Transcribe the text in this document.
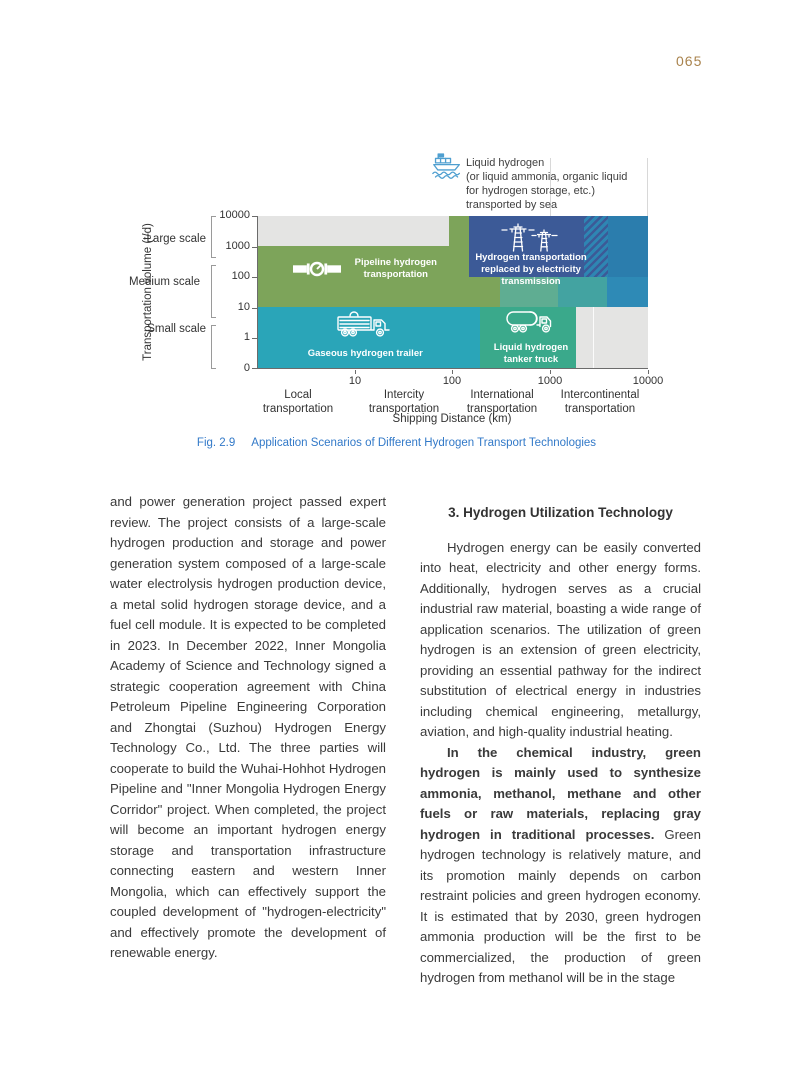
065
Liquid hydrogen
(or liquid ammonia, organic liquid
for hydrogen storage, etc.)
transported by sea
Transportation volume (t/d)
Large scale
Medium scale
Small scale
10000
1000
100
10
1
0
Pipeline hydrogen
transportation
Hydrogen transportation
replaced by electricity
transmission
Gaseous hydrogen trailer
Liquid hydrogen
tanker truck
10	100	1000	10000
Local transportation
Intercity transportation
International transportation
Intercontinental transportation
Shipping Distance (km)
Fig. 2.9 Application Scenarios of Different Hydrogen Transport Technologies

and power generation project passed expert review. The project consists of a large-scale hydrogen production and storage and power generation system composed of a large-scale water electrolysis hydrogen production device, a metal solid hydrogen storage device, and a fuel cell module. It is expected to be completed in 2023. In December 2022, Inner Mongolia Academy of Science and Technology signed a strategic cooperation agreement with China Petroleum Pipeline Engineering Corporation and Zhongtai (Suzhou) Hydrogen Energy Technology Co., Ltd. The three parties will cooperate to build the Wuhai-Hohhot Hydrogen Pipeline and "Inner Mongolia Hydrogen Energy Corridor" project. When completed, the project will become an important hydrogen energy storage and transportation infrastructure connecting eastern and western Inner Mongolia, which can effectively support the coupled development of "hydrogen-electricity" and effectively promote the development of renewable energy.

3. Hydrogen Utilization Technology

Hydrogen energy can be easily converted into heat, electricity and other energy forms. Additionally, hydrogen serves as a crucial industrial raw material, boasting a wide range of application scenarios. The utilization of green hydrogen is an extension of green electricity, providing an essential pathway for the indirect substitution of electrical energy in industries including chemical engineering, metallurgy, aviation, and high-quality industrial heating.

In the chemical industry, green hydrogen is mainly used to synthesize ammonia, methanol, methane and other fuels or raw materials, replacing gray hydrogen in traditional processes. Green hydrogen technology is relatively mature, and its promotion mainly depends on carbon restraint policies and green hydrogen economy. It is estimated that by 2030, green hydrogen ammonia production will be the first to be commercialized, the production of green hydrogen from methanol will be in the stage
